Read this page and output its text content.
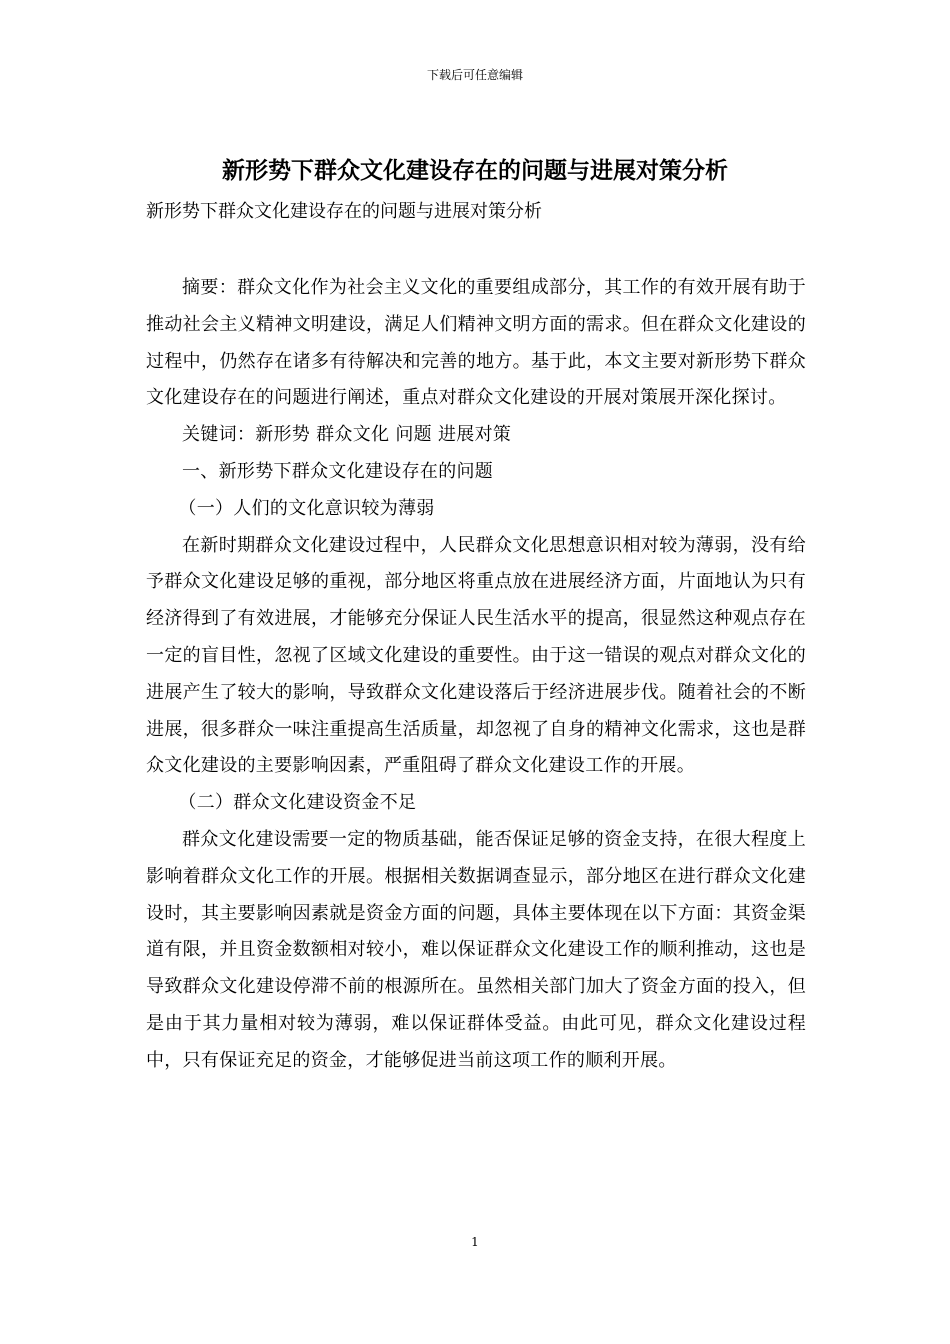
下载后可任意编辑
新形势下群众文化建设存在的问题与进展对策分析
新形势下群众文化建设存在的问题与进展对策分析

摘要：群众文化作为社会主义文化的重要组成部分，其工作的有效开展有助于推动社会主义精神文明建设，满足人们精神文明方面的需求。但在群众文化建设的过程中，仍然存在诸多有待解决和完善的地方。基于此，本文主要对新形势下群众文化建设存在的问题进行阐述，重点对群众文化建设的开展对策展开深化探讨。

关键词：新形势 群众文化 问题 进展对策

一、新形势下群众文化建设存在的问题

（一）人们的文化意识较为薄弱

在新时期群众文化建设过程中，人民群众文化思想意识相对较为薄弱，没有给予群众文化建设足够的重视，部分地区将重点放在进展经济方面，片面地认为只有经济得到了有效进展，才能够充分保证人民生活水平的提高，很显然这种观点存在一定的盲目性，忽视了区域文化建设的重要性。由于这一错误的观点对群众文化的进展产生了较大的影响，导致群众文化建设落后于经济进展步伐。随着社会的不断进展，很多群众一味注重提高生活质量，却忽视了自身的精神文化需求，这也是群众文化建设的主要影响因素，严重阻碍了群众文化建设工作的开展。

（二）群众文化建设资金不足

群众文化建设需要一定的物质基础，能否保证足够的资金支持，在很大程度上影响着群众文化工作的开展。根据相关数据调查显示，部分地区在进行群众文化建设时，其主要影响因素就是资金方面的问题，具体主要体现在以下方面：其资金渠道有限，并且资金数额相对较小，难以保证群众文化建设工作的顺利推动，这也是导致群众文化建设停滞不前的根源所在。虽然相关部门加大了资金方面的投入，但是由于其力量相对较为薄弱，难以保证群体受益。由此可见，群众文化建设过程中，只有保证充足的资金，才能够促进当前这项工作的顺利开展。

1
